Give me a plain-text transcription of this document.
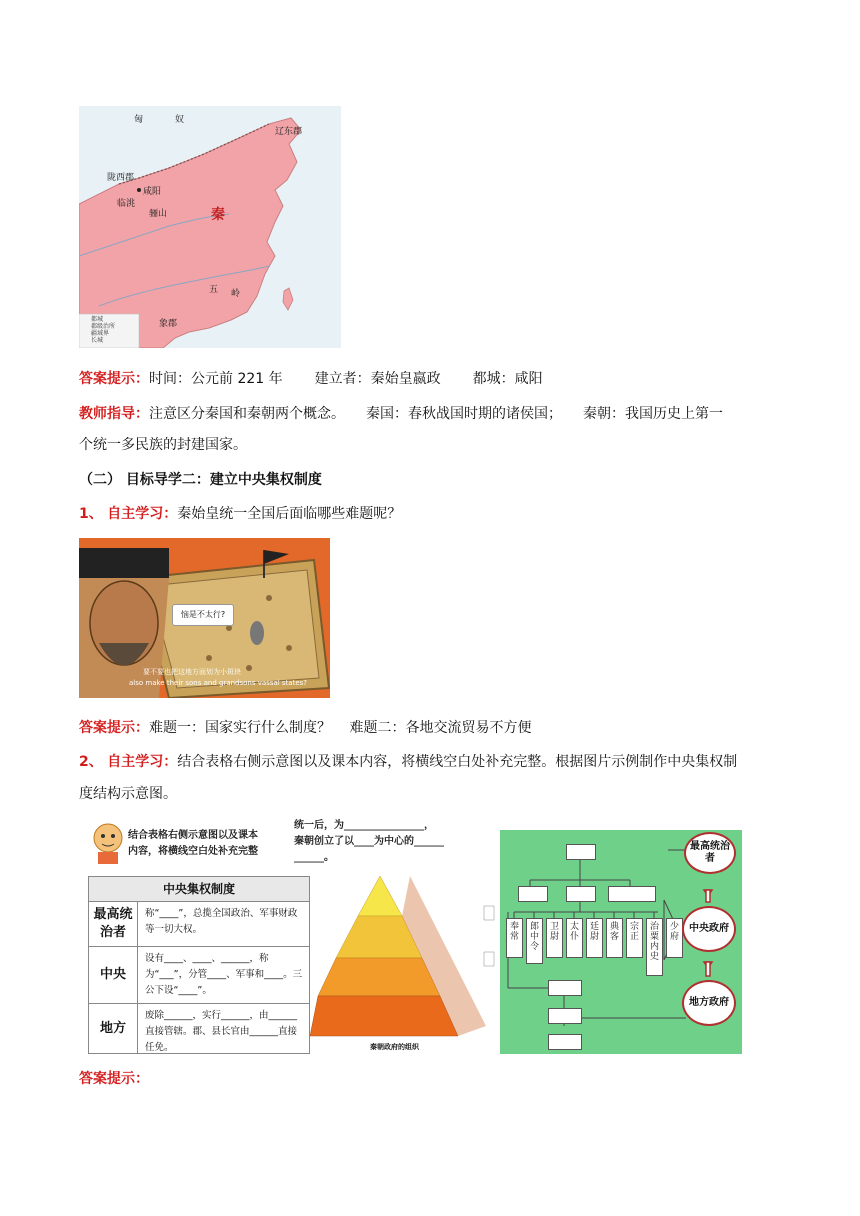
匈	奴
辽东郡
陇西郡
咸阳
秦
五 岭
象郡
临洮
骊山
都城
郡级治所
疆域界
长城
答案提示：时间：公元前 221 年 建立者：秦始皇嬴政 都城：咸阳
教师指导：注意区分秦国和秦朝两个概念。　　秦国：春秋战国时期的诸侯国；　　秦朝：我国历史上第一
个统一多民族的封建国家。
（二） 目标导学二：建立中央集权制度
1、 自主学习：秦始皇统一全国后面临哪些难题呢？
恼是不太行?
要不要也把这地方面划为小斑块
also make their sons and grandsons vassal states?
答案提示：难题一：国家实行什么制度？　 难题二：各地交流贸易不方便
2、 自主学习：结合表格右侧示意图以及课本内容，将横线空白处补充完整。根据图片示例制作中央集权制
度结构示意图。
结合表格右侧示意图以及课本
内容，将横线空白处补充完整
统一后，为________________，
秦朝创立了以____为中心的______
______。
中央集权制度
最高统治者
称“____”，总揽全国政治、军事财政等一切大权。
中央
设有____、____、______，称为“___”，分管____、军事和____。三公下设“____”。
地方
废除______，实行______，由______直接管辖。郡、县长官由______直接任免。	秦朝政府的组织
奉常
郎中令
卫尉
太仆
廷尉
典客
宗正
治粟内史
少府
最高统治者
中央政府
地方政府
答案提示：
